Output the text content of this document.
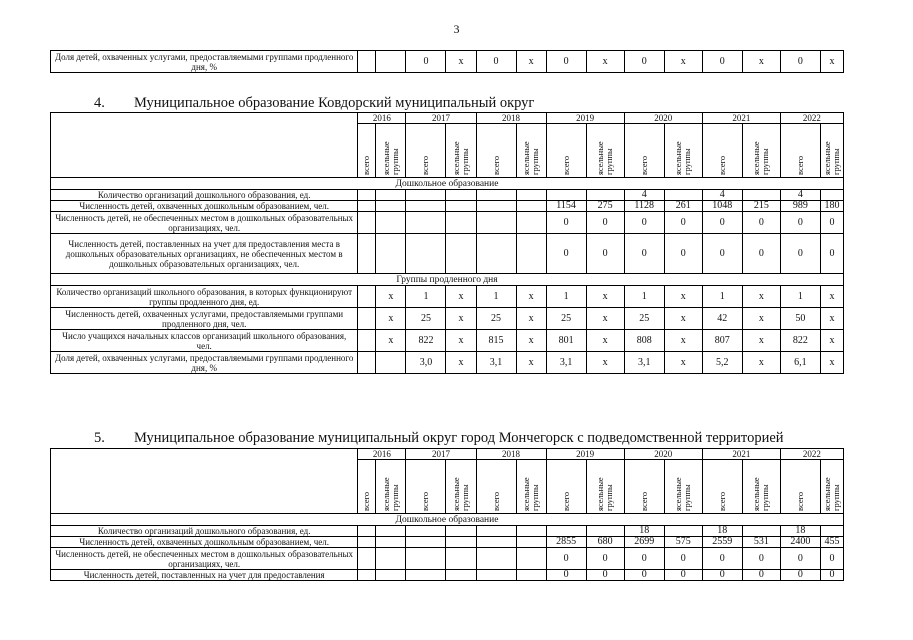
3
Доля детей, охваченных услугами, предоставляемыми группами продленного дня, %			0	x	0	x	0	x	0	x	0	x	0	x
4. Муниципальное образование Ковдорский муниципальный округ
	2016		2017		2018		2019		2020		2021		2022	
	всего	ясельные группы	всего	ясельные группы	всего	ясельные группы	всего	ясельные группы	всего	ясельные группы	всего	ясельные группы	всего	ясельные группы
Дошкольное образование														
Количество организаций дошкольного образования, ед.									4		4		4	
Численность детей, охваченных дошкольным образованием, чел.							1154	275	1128	261	1048	215	989	180
Численность детей, не обеспеченных местом в дошкольных образовательных организациях, чел.							0	0	0	0	0	0	0	0
Численность детей, поставленных на учет для предоставления места в дошкольных образовательных организациях, не обеспеченных местом в дошкольных образовательных организациях, чел.							0	0	0	0	0	0	0	0
Группы продленного дня														
Количество организаций школьного образования, в которых функционируют группы продленного дня, ед.		x	1	x	1	x	1	x	1	x	1	x	1	x
Численность детей, охваченных услугами, предоставляемыми группами продленного дня, чел.		x	25	x	25	x	25	x	25	x	42	x	50	x
Число учащихся начальных классов организаций школьного образования, чел.		x	822	x	815	x	801	x	808	x	807	x	822	x
Доля детей, охваченных услугами, предоставляемыми группами продленного дня, %			3,0	x	3,1	x	3,1	x	3,1	x	5,2	x	6,1	x
5. Муниципальное образование муниципальный округ город Мончегорск с подведомственной территорией
	2016		2017		2018		2019		2020		2021		2022	
	всего	ясельные группы	всего	ясельные группы	всего	ясельные группы	всего	ясельные группы	всего	ясельные группы	всего	ясельные группы	всего	ясельные группы
Дошкольное образование														
Количество организаций дошкольного образования, ед.									18		18		18	
Численность детей, охваченных дошкольным образованием, чел.							2855	680	2699	575	2559	531	2400	455
Численность детей, не обеспеченных местом в дошкольных образовательных организациях, чел.							0	0	0	0	0	0	0	0
Численность детей, поставленных на учет для предоставления							0	0	0	0	0	0	0	0
